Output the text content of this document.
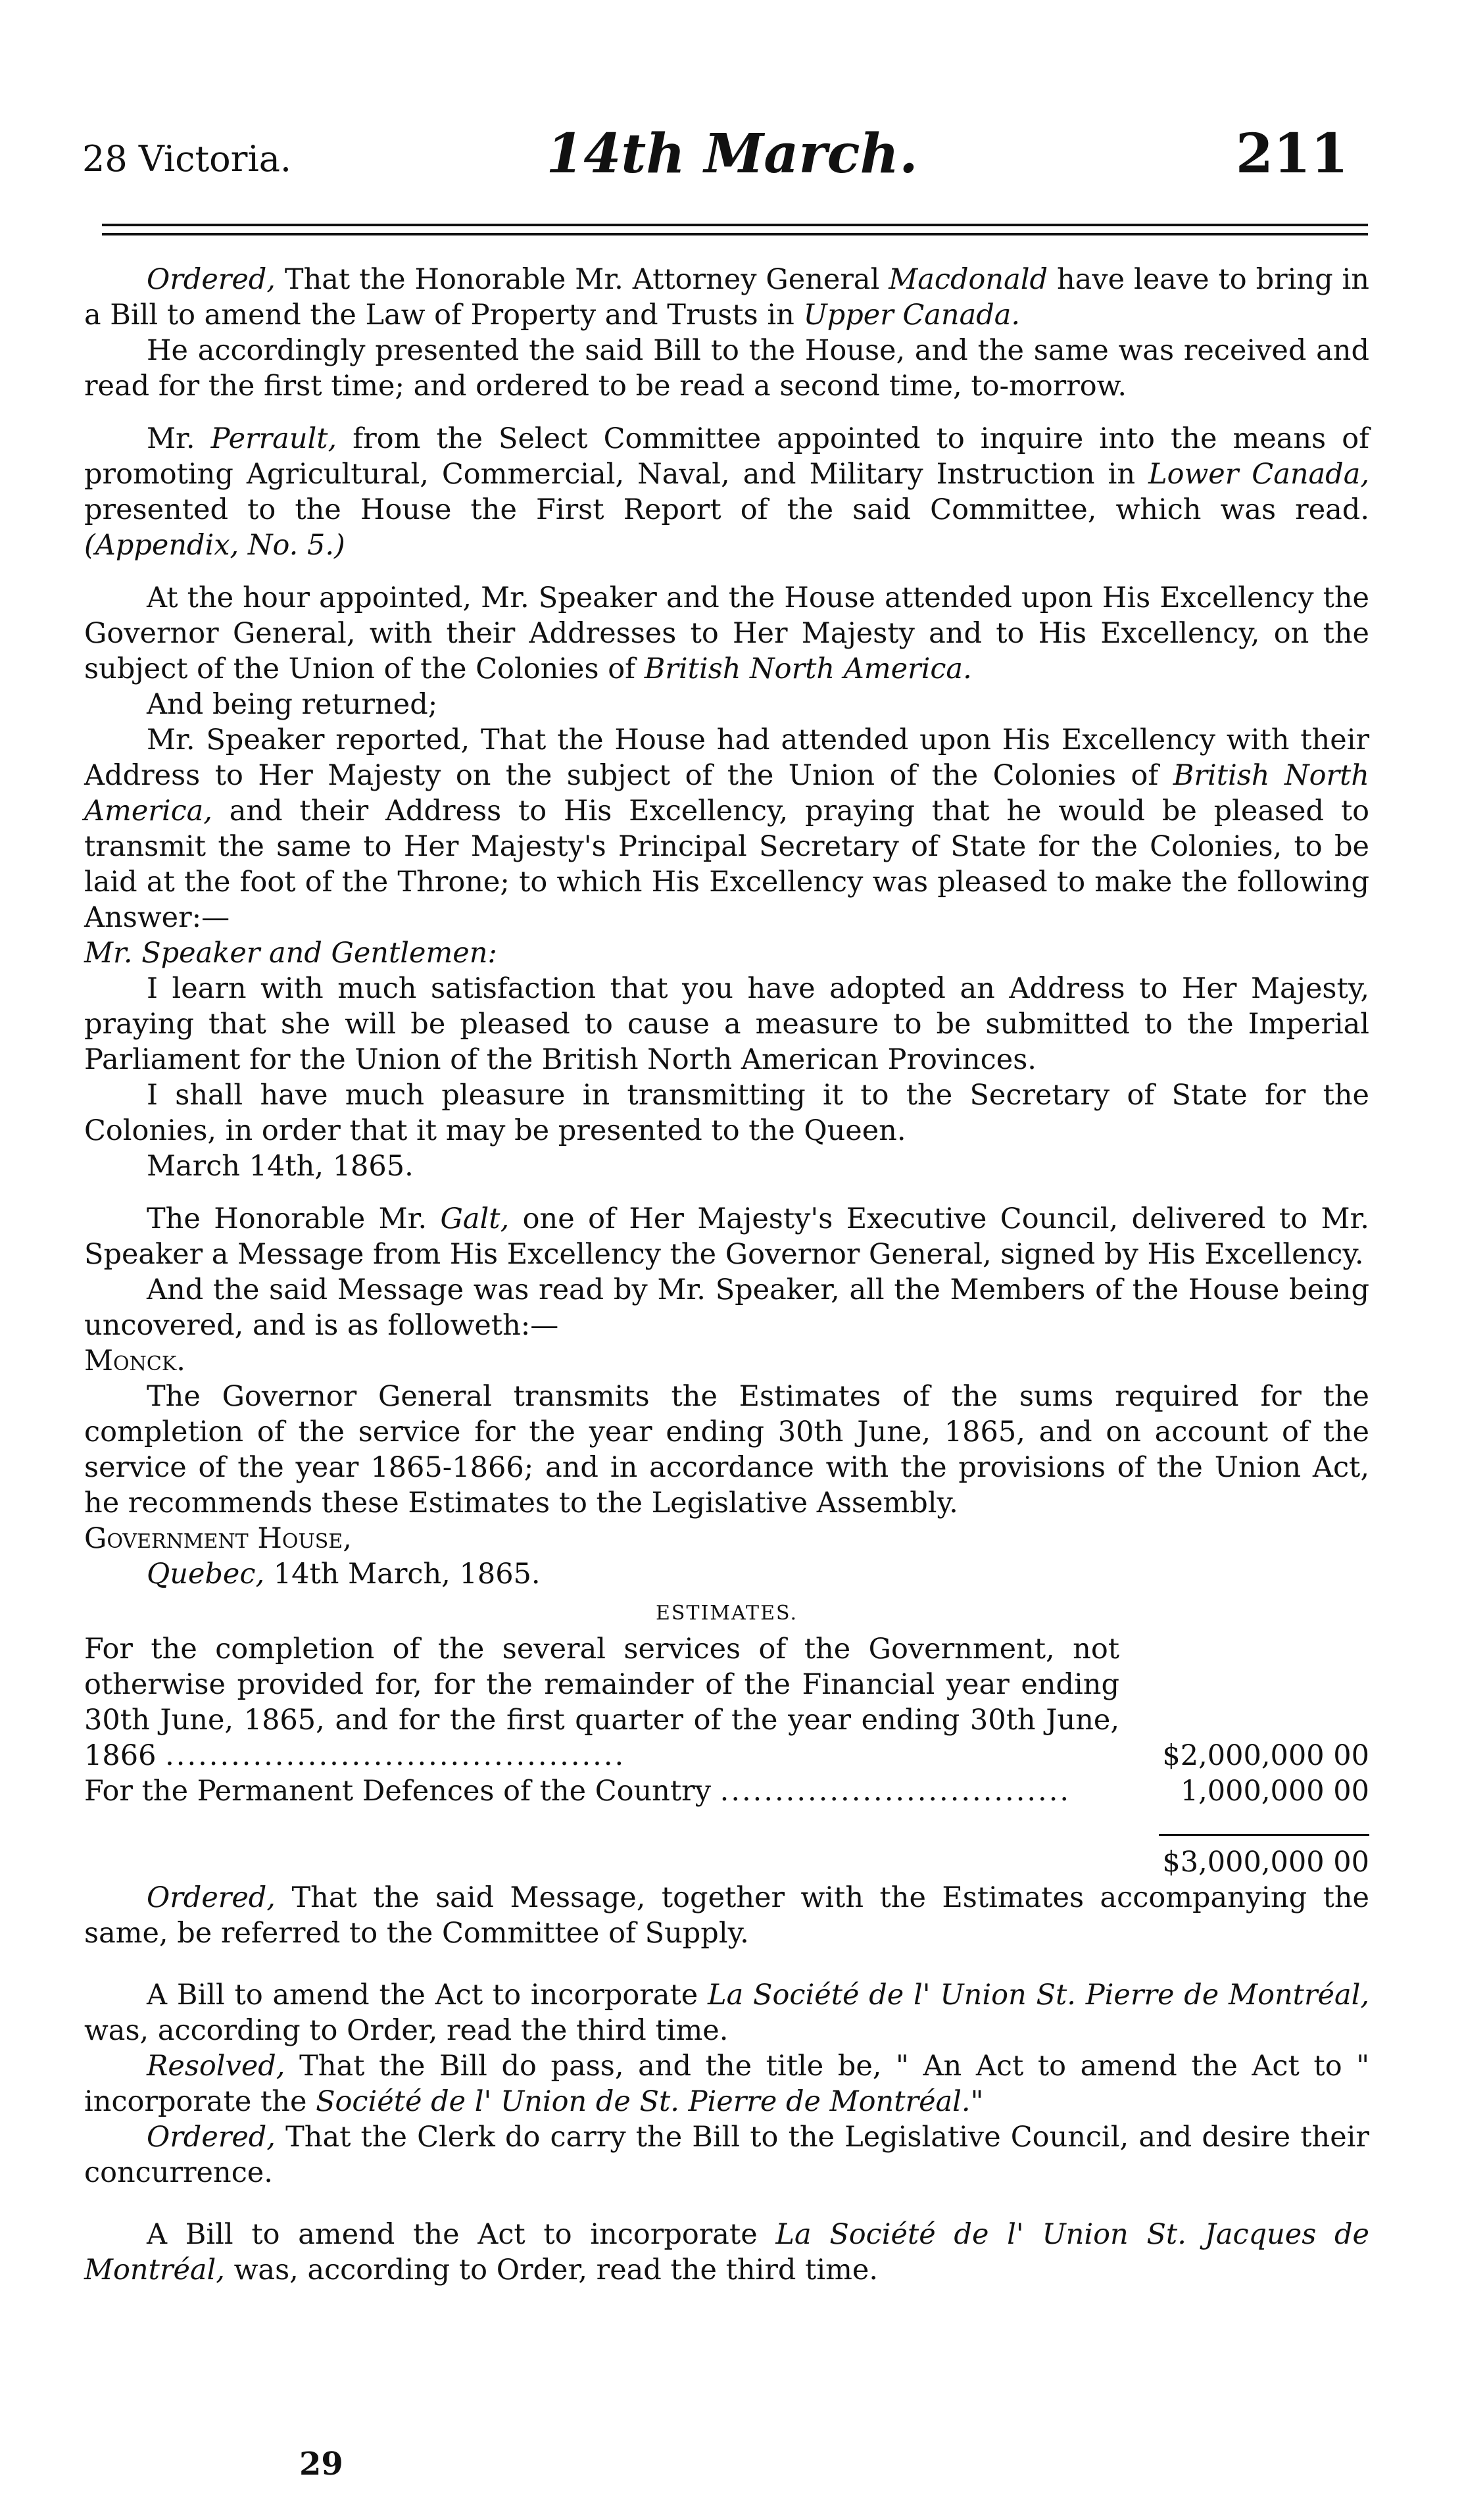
28 Victoria.	14th March.	211

Ordered, That the Honorable Mr. Attorney General Macdonald have leave to bring in a Bill to amend the Law of Property and Trusts in Upper Canada.

He accordingly presented the said Bill to the House, and the same was received and read for the first time; and ordered to be read a second time, to-morrow.

Mr. Perrault, from the Select Committee appointed to inquire into the means of promoting Agricultural, Commercial, Naval, and Military Instruction in Lower Canada, presented to the House the First Report of the said Committee, which was read. (Appendix, No. 5.)

At the hour appointed, Mr. Speaker and the House attended upon His Excellency the Governor General, with their Addresses to Her Majesty and to His Excellency, on the subject of the Union of the Colonies of British North America.

And being returned;

Mr. Speaker reported, That the House had attended upon His Excellency with their Address to Her Majesty on the subject of the Union of the Colonies of British North America, and their Address to His Excellency, praying that he would be pleased to transmit the same to Her Majesty's Principal Secretary of State for the Colonies, to be laid at the foot of the Throne; to which His Excellency was pleased to make the following Answer:—

Mr. Speaker and Gentlemen:

I learn with much satisfaction that you have adopted an Address to Her Majesty, praying that she will be pleased to cause a measure to be submitted to the Imperial Parliament for the Union of the British North American Provinces.

I shall have much pleasure in transmitting it to the Secretary of State for the Colonies, in order that it may be presented to the Queen.

March 14th, 1865.

The Honorable Mr. Galt, one of Her Majesty's Executive Council, delivered to Mr. Speaker a Message from His Excellency the Governor General, signed by His Excellency.

And the said Message was read by Mr. Speaker, all the Members of the House being uncovered, and is as followeth:—

Monck.

The Governor General transmits the Estimates of the sums required for the completion of the service for the year ending 30th June, 1865, and on account of the service of the year 1865-1866; and in accordance with the provisions of the Union Act, he recommends these Estimates to the Legislative Assembly.

Government House,

Quebec, 14th March, 1865.

ESTIMATES.

For the completion of the several services of the Government, not otherwise provided for, for the remainder of the Financial year ending 30th June, 1865, and for the first quarter of the year ending 30th June, 1866 ..........................................	$2,000,000 00
For the Permanent Defences of the Country ................................	1,000,000 00

$3,000,000 00

Ordered, That the said Message, together with the Estimates accompanying the same, be referred to the Committee of Supply.

A Bill to amend the Act to incorporate La Société de l' Union St. Pierre de Montréal, was, according to Order, read the third time.

Resolved, That the Bill do pass, and the title be, " An Act to amend the Act to " incorporate the Société de l' Union de St. Pierre de Montréal."

Ordered, That the Clerk do carry the Bill to the Legislative Council, and desire their concurrence.

A Bill to amend the Act to incorporate La Société de l' Union St. Jacques de Montréal, was, according to Order, read the third time.

29
